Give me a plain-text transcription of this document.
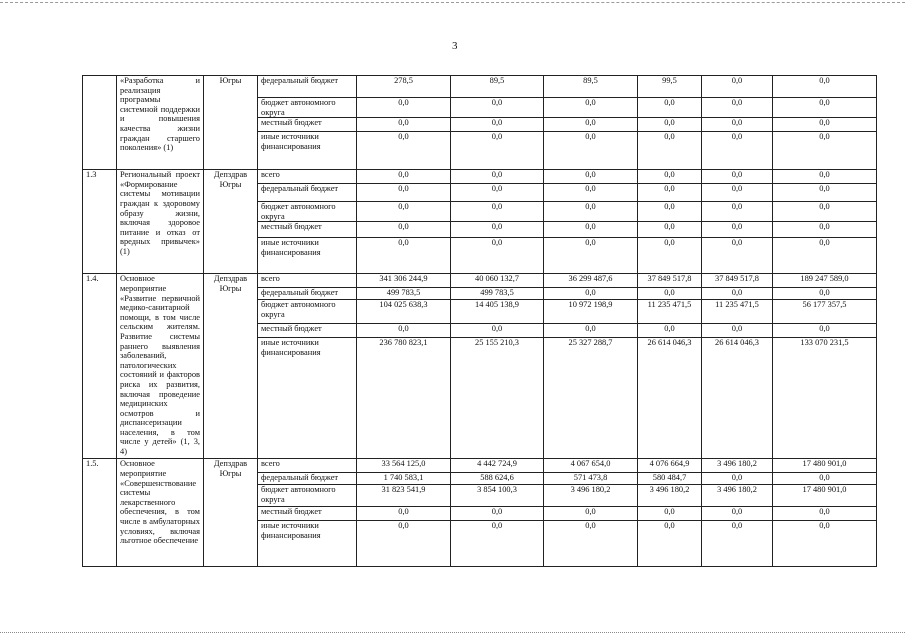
3
	«Разработка и реализация программы системной поддержки и повышения качества жизни граждан старшего поколения» (1)	Югры	федеральный бюджет	278,5	89,5	89,5	99,5	0,0	0,0
			бюджет автономного округа	0,0	0,0	0,0	0,0	0,0	0,0
			местный бюджет	0,0	0,0	0,0	0,0	0,0	0,0
			иные источники финансирования	0,0	0,0	0,0	0,0	0,0	0,0
1.3	Региональный проект «Формирование системы мотивации граждан к здоровому образу жизни, включая здоровое питание и отказ от вредных привычек» (1)	Депздрав Югры	всего	0,0	0,0	0,0	0,0	0,0	0,0
			федеральный бюджет	0,0	0,0	0,0	0,0	0,0	0,0
			бюджет автономного округа	0,0	0,0	0,0	0,0	0,0	0,0
			местный бюджет	0,0	0,0	0,0	0,0	0,0	0,0
			иные источники финансирования	0,0	0,0	0,0	0,0	0,0	0,0
1.4.	Основное мероприятие «Развитие первичной медико-санитарной помощи, в том числе сельским жителям. Развитие системы раннего выявления заболеваний, патологических состояний и факторов риска их развития, включая проведение медицинских осмотров и диспансеризации населения, в том числе у детей» (1, 3, 4)	Депздрав Югры	всего	341 306 244,9	40 060 132,7	36 299 487,6	37 849 517,8	37 849 517,8	189 247 589,0
			федеральный бюджет	499 783,5	499 783,5	0,0	0,0	0,0	0,0
			бюджет автономного округа	104 025 638,3	14 405 138,9	10 972 198,9	11 235 471,5	11 235 471,5	56 177 357,5
			местный бюджет	0,0	0,0	0,0	0,0	0,0	0,0
			иные источники финансирования	236 780 823,1	25 155 210,3	25 327 288,7	26 614 046,3	26 614 046,3	133 070 231,5
1.5.	Основное мероприятие «Совершенствование системы лекарственного обеспечения, в том числе в амбулаторных условиях, включая льготное обеспечение	Депздрав Югры	всего	33 564 125,0	4 442 724,9	4 067 654,0	4 076 664,9	3 496 180,2	17 480 901,0
			федеральный бюджет	1 740 583,1	588 624,6	571 473,8	580 484,7	0,0	0,0
			бюджет автономного округа	31 823 541,9	3 854 100,3	3 496 180,2	3 496 180,2	3 496 180,2	17 480 901,0
			местный бюджет	0,0	0,0	0,0	0,0	0,0	0,0
			иные источники финансирования	0,0	0,0	0,0	0,0	0,0	0,0
